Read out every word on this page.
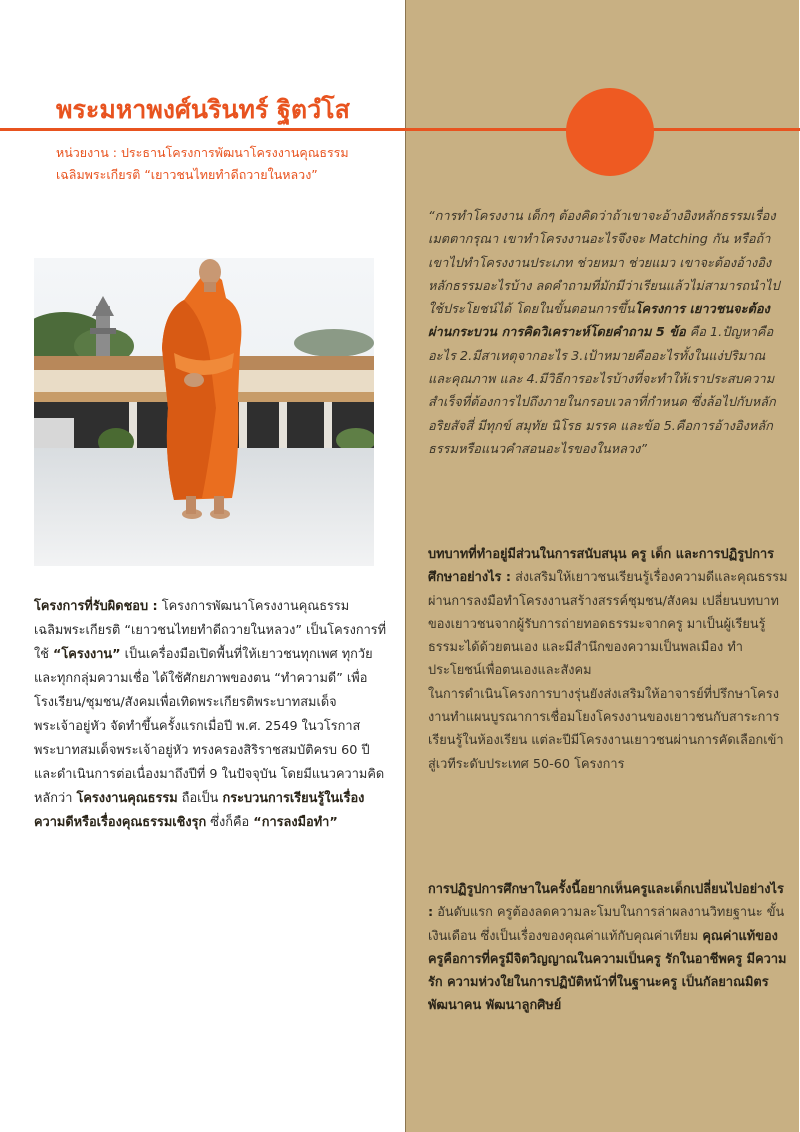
พระมหาพงศ์นรินทร์ ฐิตวํโส

หน่วยงาน : ประธานโครงการพัฒนาโครงงานคุณธรรม

เฉลิมพระเกียรติ “เยาวชนไทยทำดีถวายในหลวง”

โครงการที่รับผิดชอบ : โครงการพัฒนาโครงงานคุณธรรมเฉลิมพระเกียรติ “เยาวชนไทยทำดีถวายในหลวง” เป็นโครงการที่ใช้ “โครงงาน” เป็นเครื่องมือเปิดพื้นที่ให้เยาวชนทุกเพศ ทุกวัย และทุกกลุ่มความเชื่อ ได้ใช้ศักยภาพของตน “ทำความดี” เพื่อโรงเรียน/ชุมชน/สังคมเพื่อเทิดพระเกียรติพระบาทสมเด็จพระเจ้าอยู่หัว จัดทำขึ้นครั้งแรกเมื่อปี พ.ศ. 2549 ในวโรกาสพระบาทสมเด็จพระเจ้าอยู่หัว ทรงครองสิริราชสมบัติครบ 60 ปี และดำเนินการต่อเนื่องมาถึงปีที่ 9 ในปัจจุบัน โดยมีแนวความคิดหลักว่า โครงงานคุณธรรม ถือเป็น กระบวนการเรียนรู้ในเรื่องความดีหรือเรื่องคุณธรรมเชิงรุก ซึ่งก็คือ “การลงมือทำ”

“การทำโครงงาน เด็กๆ ต้องคิดว่าถ้าเขาจะอ้างอิงหลักธรรมเรื่องเมตตากรุณา เขาทำโครงงานอะไรจึงจะ Matching กัน หรือถ้าเขาไปทำโครงงานประเภท ช่วยหมา ช่วยแมว เขาจะต้องอ้างอิงหลักธรรมอะไรบ้าง ลดคำถามที่มักมีว่าเรียนแล้วไม่สามารถนำไปใช้ประโยชน์ได้ โดยในขั้นตอนการขึ้นโครงการ เยาวชนจะต้องผ่านกระบวน การคิดวิเคราะห์โดยคำถาม 5 ข้อ คือ 1.ปัญหาคืออะไร 2.มีสาเหตุจากอะไร 3.เป้าหมายคืออะไรทั้งในแง่ปริมาณ และคุณภาพ และ 4.มีวิธีการอะไรบ้างที่จะทำให้เราประสบความสำเร็จที่ต้องการไปถึงภายในกรอบเวลาที่กำหนด ซึ่งล้อไปกับหลักอริยสัจสี่ มีทุกข์ สมุทัย นิโรธ มรรค และข้อ 5.คือการอ้างอิงหลักธรรมหรือแนวคำสอนอะไรของในหลวง”

บทบาทที่ทำอยู่มีส่วนในการสนับสนุน ครู เด็ก และการปฏิรูปการศึกษาอย่างไร : ส่งเสริมให้เยาวชนเรียนรู้เรื่องความดีและคุณธรรมผ่านการลงมือทำโครงงานสร้างสรรค์ชุมชน/สังคม เปลี่ยนบทบาทของเยาวชนจากผู้รับการถ่ายทอดธรรมะจากครู มาเป็นผู้เรียนรู้ธรรมะได้ด้วยตนเอง และมีสำนึกของความเป็นพลเมือง ทำประโยชน์เพื่อตนเองและสังคม

ในการดำเนินโครงการบางรุ่นยังส่งเสริมให้อาจารย์ที่ปรึกษาโครงงานทำแผนบูรณาการเชื่อมโยงโครงงานของเยาวชนกับสาระการเรียนรู้ในห้องเรียน แต่ละปีมีโครงงานเยาวชนผ่านการคัดเลือกเข้าสู่เวทีระดับประเทศ 50-60 โครงการ

การปฏิรูปการศึกษาในครั้งนี้อยากเห็นครูและเด็กเปลี่ยนไปอย่างไร : อันดับแรก ครูต้องลดความละโมบในการล่าผลงานวิทยฐานะ ขั้นเงินเดือน ซึ่งเป็นเรื่องของคุณค่าแท้กับคุณค่าเทียม คุณค่าแท้ของครูคือการที่ครูมีจิตวิญญาณในความเป็นครู รักในอาชีพครู มีความรัก ความห่วงใยในการปฏิบัติหน้าที่ในฐานะครู เป็นกัลยาณมิตร พัฒนาคน พัฒนาลูกศิษย์
